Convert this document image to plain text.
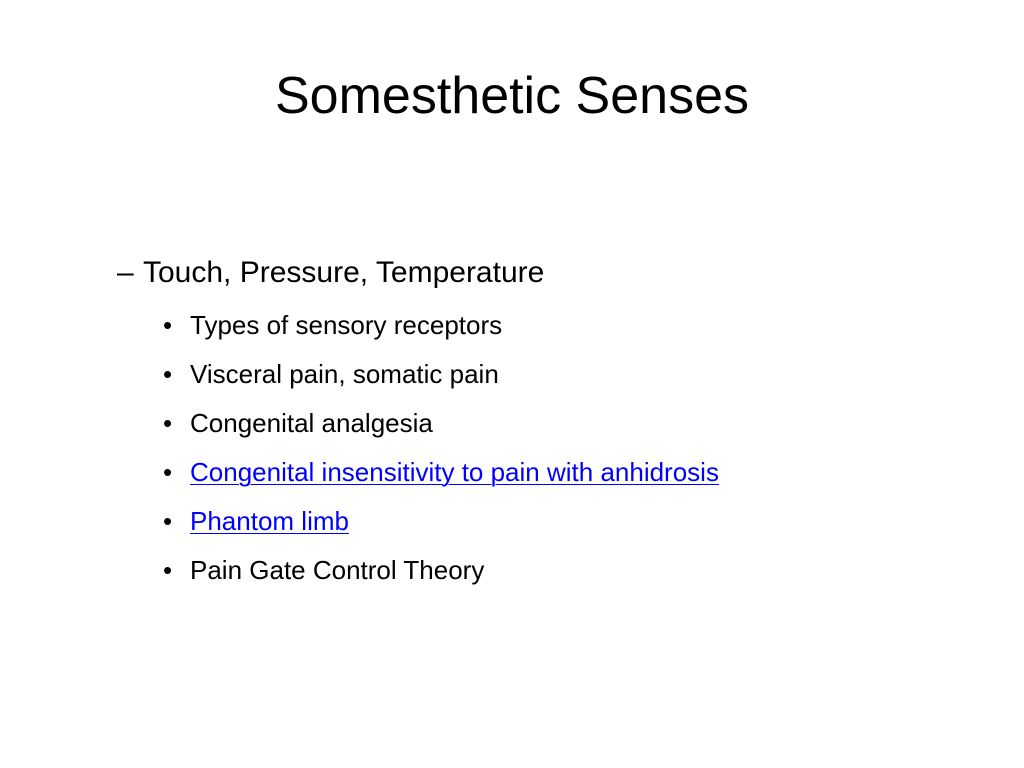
Somesthetic Senses
– Touch, Pressure, Temperature
• Types of sensory receptors
• Visceral pain, somatic pain
• Congenital analgesia
• Congenital insensitivity to pain with anhidrosis
• Phantom limb
• Pain Gate Control Theory
